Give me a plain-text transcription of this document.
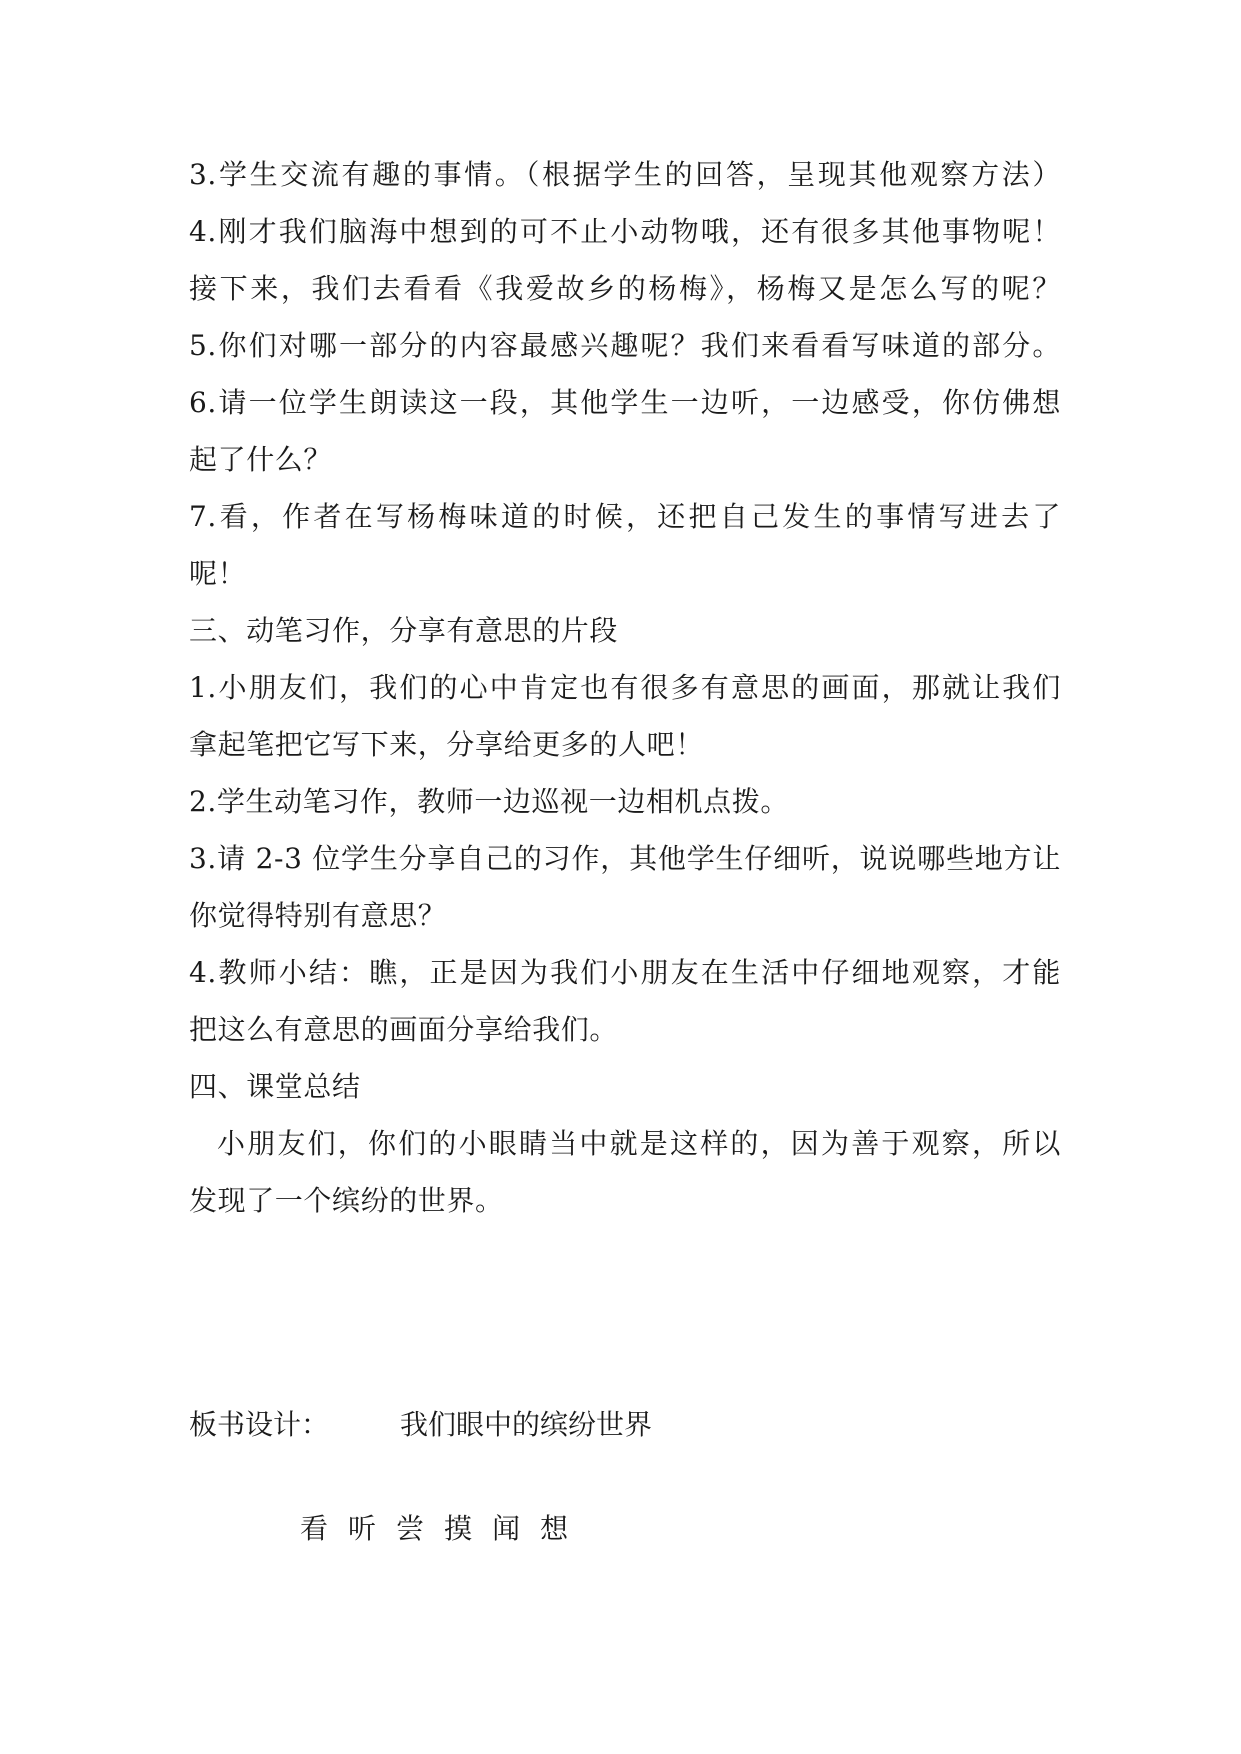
3.学生交流有趣的事情。（根据学生的回答，呈现其他观察方法）
4.刚才我们脑海中想到的可不止小动物哦，还有很多其他事物呢！
接下来，我们去看看《我爱故乡的杨梅》，杨梅又是怎么写的呢？
5.你们对哪一部分的内容最感兴趣呢？我们来看看写味道的部分。
6.请一位学生朗读这一段，其他学生一边听，一边感受，你仿佛想
起了什么？
7.看，作者在写杨梅味道的时候，还把自己发生的事情写进去了
呢！
三、动笔习作，分享有意思的片段
1.小朋友们，我们的心中肯定也有很多有意思的画面，那就让我们
拿起笔把它写下来，分享给更多的人吧！
2.学生动笔习作，教师一边巡视一边相机点拨。
3.请 2-3 位学生分享自己的习作，其他学生仔细听，说说哪些地方让
你觉得特别有意思？
4.教师小结：瞧，正是因为我们小朋友在生活中仔细地观察，才能
把这么有意思的画面分享给我们。
四、课堂总结
小朋友们，你们的小眼睛当中就是这样的，因为善于观察，所以
发现了一个缤纷的世界。
板书设计：	我们眼中的缤纷世界
看 听 尝 摸 闻 想
